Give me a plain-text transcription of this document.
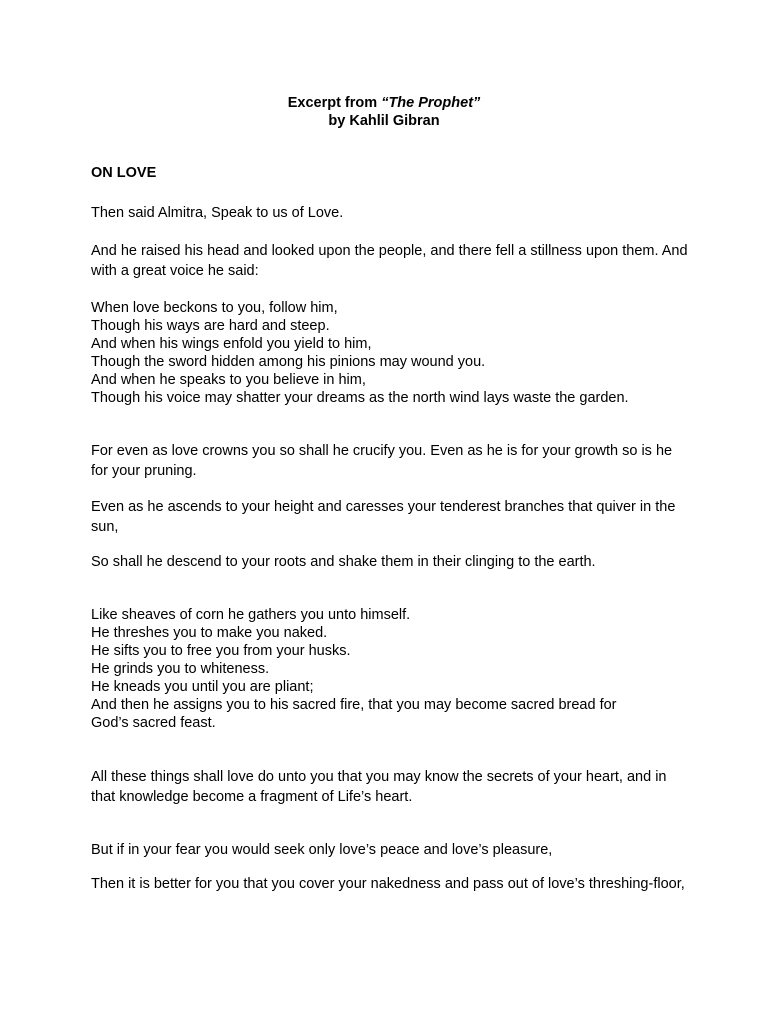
Excerpt from “The Prophet”
by Kahlil Gibran

ON LOVE

Then said Almitra, Speak to us of Love.

And he raised his head and looked upon the people, and there fell a stillness upon them. And with a great voice he said:

When love beckons to you, follow him,
Though his ways are hard and steep.
And when his wings enfold you yield to him,
Though the sword hidden among his pinions may wound you.
And when he speaks to you believe in him,
Though his voice may shatter your dreams as the north wind lays waste the garden.

For even as love crowns you so shall he crucify you. Even as he is for your growth so is he for your pruning.

Even as he ascends to your height and caresses your tenderest branches that quiver in the sun,

So shall he descend to your roots and shake them in their clinging to the earth.

Like sheaves of corn he gathers you unto himself.
He threshes you to make you naked.
He sifts you to free you from your husks.
He grinds you to whiteness.
He kneads you until you are pliant;
And then he assigns you to his sacred fire, that you may become sacred bread for
God’s sacred feast.

All these things shall love do unto you that you may know the secrets of your heart, and in that knowledge become a fragment of Life’s heart.

But if in your fear you would seek only love’s peace and love’s pleasure,

Then it is better for you that you cover your nakedness and pass out of love’s threshing-floor,
